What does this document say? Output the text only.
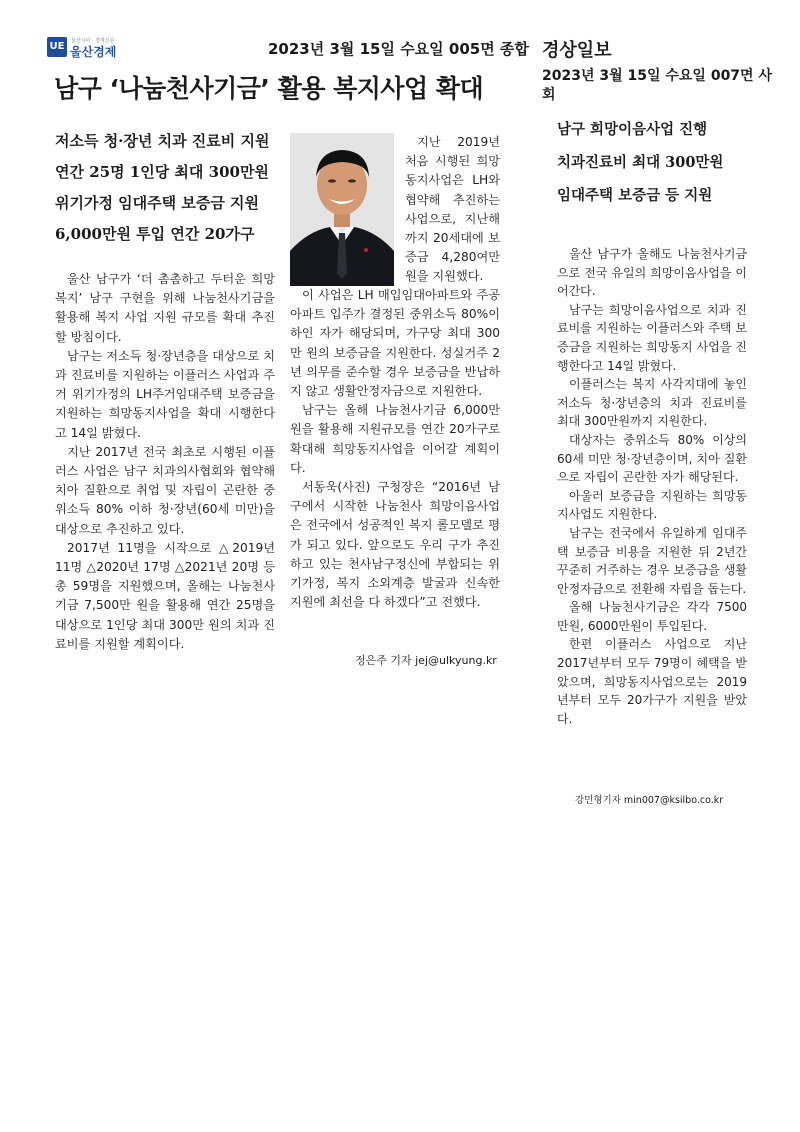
UE	울산시사 · 경제신문
울산경제	2023년 3월 15일 수요일 005면 종합
남구 ‘나눔천사기금’ 활용 복지사업 확대
저소득 청·장년 치과 진료비 지원
연간 25명 1인당 최대 300만원
위기가정 임대주택 보증금 지원
6,000만원 투입 연간 20가구

울산 남구가 ‘더 촘촘하고 두터운 희망복지’ 남구 구현을 위해 나눔천사기금을 활용해 복지 사업 지원 규모를 확대 추진할 방침이다.

남구는 저소득 청·장년층을 대상으로 치과 진료비를 지원하는 이플러스 사업과 주거 위기가정의 LH주거임대주택 보증금을 지원하는 희망동지사업을 확대 시행한다고 14일 밝혔다.

지난 2017년 전국 최초로 시행된 이플러스 사업은 남구 치과의사협회와 협약해 치아 질환으로 취업 및 자립이 곤란한 중위소득 80% 이하 청·장년(60세 미만)을 대상으로 추진하고 있다.

2017년 11명을 시작으로 △2019년 11명 △2020년 17명 △2021년 20명 등 총 59명을 지원했으며, 올해는 나눔천사기금 7,500만 원을 활용해 연간 25명을 대상으로 1인당 최대 300만 원의 치과 진료비를 지원할 계획이다.

지난 2019년 처음 시행된 희망동지사업은 LH와 협약해 추진하는 사업으로, 지난해까지 20세대에 보증금 4,280여만 원을 지원했다.

이 사업은 LH 매입임대아파트와 주공아파트 입주가 결정된 중위소득 80%이하인 자가 해당되며, 가구당 최대 300만 원의 보증금을 지원한다. 성실거주 2년 의무를 준수할 경우 보증금을 반납하지 않고 생활안정자금으로 지원한다.

남구는 올해 나눔천사기금 6,000만 원을 활용해 지원규모를 연간 20가구로 확대해 희망동지사업을 이어갈 계획이다.

서동욱(사진) 구청장은 “2016년 남구에서 시작한 나눔천사 희망이음사업은 전국에서 성공적인 복지 롤모델로 평가 되고 있다. 앞으로도 우리 구가 추진하고 있는 천사남구정신에 부합되는 위기가정, 복지 소외계층 발굴과 신속한 지원에 최선을 다 하겠다”고 전했다.

정은주 기자 jej@ulkyung.kr
경상일보
2023년 3월 15일 수요일 007면 사회
남구 희망이음사업 진행
치과진료비 최대 300만원
임대주택 보증금 등 지원

울산 남구가 올해도 나눔천사기금으로 전국 유일의 희망이음사업을 이어간다.

남구는 희망이음사업으로 치과 진료비를 지원하는 이플러스와 주택 보증금을 지원하는 희망동지 사업을 진행한다고 14일 밝혔다.

이플러스는 복지 사각지대에 놓인 저소득 청·장년층의 치과 진료비를 최대 300만원까지 지원한다.

대상자는 중위소득 80% 이상의 60세 미만 청·장년층이며, 치아 질환으로 자립이 곤란한 자가 해당된다.

아울러 보증금을 지원하는 희망동지사업도 지원한다.

남구는 전국에서 유일하게 임대주택 보증금 비용을 지원한 뒤 2년간 꾸준히 거주하는 경우 보증금을 생활안정자금으로 전환해 자립을 돕는다.

올해 나눔천사기금은 각각 7500만원, 6000만원이 투입된다.

한편 이플러스 사업으로 지난 2017년부터 모두 79명이 혜택을 받았으며, 희망동지사업으로는 2019년부터 모두 20가구가 지원을 받았다.

강민형기자 min007@ksilbo.co.kr
